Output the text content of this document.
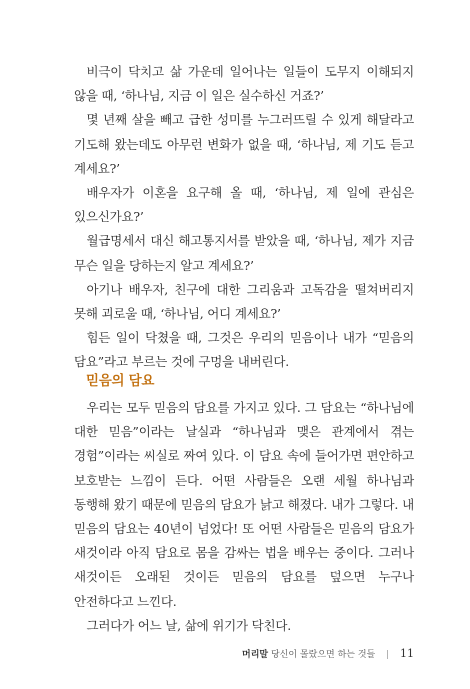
비극이 닥치고 삶 가운데 일어나는 일들이 도무지 이해되지 않을 때, ‘하나님, 지금 이 일은 실수하신 거죠?’

몇 년째 살을 빼고 급한 성미를 누그러뜨릴 수 있게 해달라고 기도해 왔는데도 아무런 변화가 없을 때, ‘하나님, 제 기도 듣고 계세요?’

배우자가 이혼을 요구해 올 때, ‘하나님, 제 일에 관심은 있으신가요?’

월급명세서 대신 해고통지서를 받았을 때, ‘하나님, 제가 지금 무슨 일을 당하는지 알고 계세요?’

아기나 배우자, 친구에 대한 그리움과 고독감을 떨쳐버리지 못해 괴로울 때, ‘하나님, 어디 계세요?’

힘든 일이 닥쳤을 때, 그것은 우리의 믿음이나 내가 “믿음의 담요”라고 부르는 것에 구멍을 내버린다.

믿음의 담요

우리는 모두 믿음의 담요를 가지고 있다. 그 담요는 “하나님에 대한 믿음”이라는 날실과 “하나님과 맺은 관계에서 겪는 경험”이라는 씨실로 짜여 있다. 이 담요 속에 들어가면 편안하고 보호받는 느낌이 든다. 어떤 사람들은 오랜 세월 하나님과 동행해 왔기 때문에 믿음의 담요가 낡고 해졌다. 내가 그렇다. 내 믿음의 담요는 40년이 넘었다! 또 어떤 사람들은 믿음의 담요가 새것이라 아직 담요로 몸을 감싸는 법을 배우는 중이다. 그러나 새것이든 오래된 것이든 믿음의 담요를 덮으면 누구나 안전하다고 느낀다.

그러다가 어느 날, 삶에 위기가 닥친다.

머리말 당신이 몰랐으면 하는 것들 | 11
